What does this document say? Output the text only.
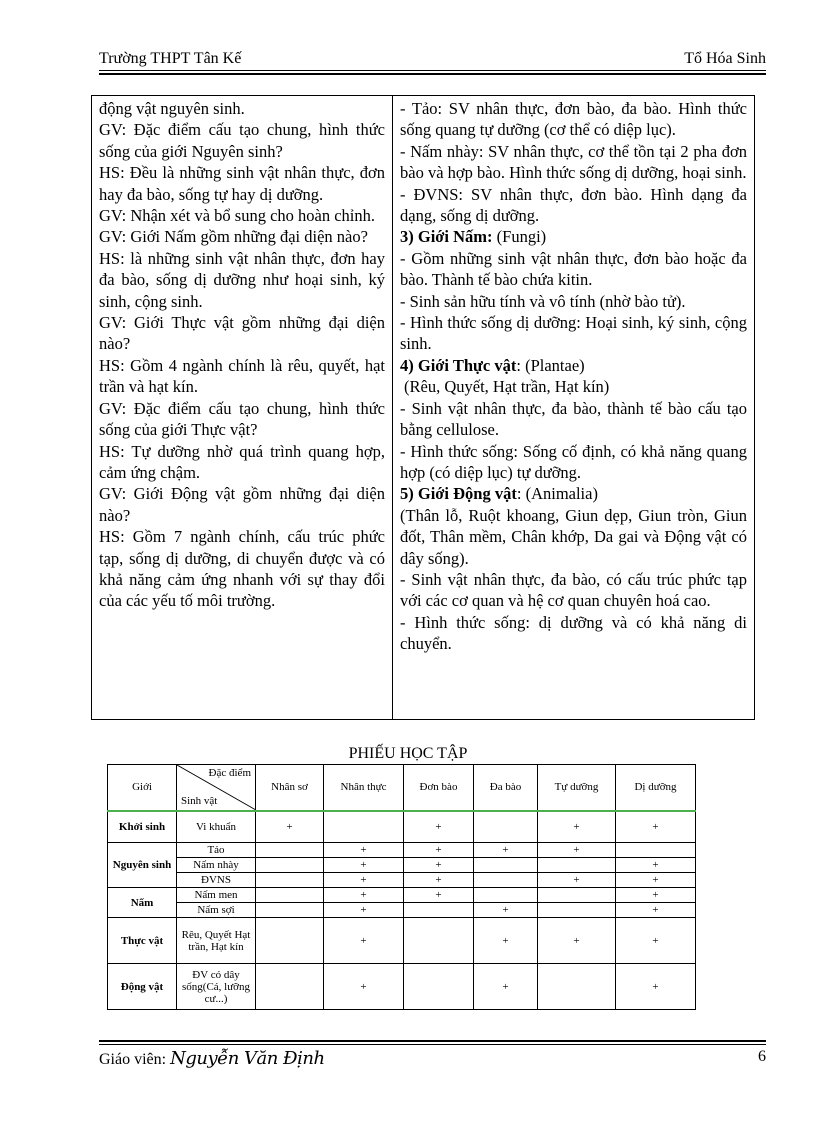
Trường THPT Tân Kế	Tổ Hóa Sinh

động vật nguyên sinh.

GV: Đặc điểm cấu tạo chung, hình thức sống của giới Nguyên sinh?

HS: Đều là những sinh vật nhân thực, đơn hay đa bào, sống tự hay dị dưỡng.

GV: Nhận xét và bổ sung cho hoàn chỉnh.

GV: Giới Nấm gồm những đại diện nào?

HS: là những sinh vật nhân thực, đơn hay đa bào, sống dị dưỡng như hoại sinh, ký sinh, cộng sinh.

GV: Giới Thực vật gồm những đại diện nào?

HS: Gồm 4 ngành chính là rêu, quyết, hạt trần và hạt kín.

GV: Đặc điểm cấu tạo chung, hình thức sống của giới Thực vật?

HS: Tự dưỡng nhờ quá trình quang hợp, cảm ứng chậm.

GV: Giới Động vật gồm những đại diện nào?

HS: Gồm 7 ngành chính, cấu trúc phức tạp, sống dị dưỡng, di chuyển được và có khả năng cảm ứng nhanh với sự thay đổi của các yếu tố môi trường.

- Tảo: SV nhân thực, đơn bào, đa bào. Hình thức sống quang tự dưỡng (cơ thể có diệp lục).

- Nấm nhày: SV nhân thực, cơ thể tồn tại 2 pha đơn bào và hợp bào. Hình thức sống dị dưỡng, hoại sinh.

- ĐVNS: SV nhân thực, đơn bào. Hình dạng đa dạng, sống dị dưỡng.

3) Giới Nấm: (Fungi)

- Gồm những sinh vật nhân thực, đơn bào hoặc đa bào. Thành tế bào chứa kitin.

- Sinh sản hữu tính và vô tính (nhờ bào tử).

- Hình thức sống dị dưỡng: Hoại sinh, ký sinh, cộng sinh.

4) Giới Thực vật: (Plantae)

(Rêu, Quyết, Hạt trần, Hạt kín)

- Sinh vật nhân thực, đa bào, thành tế bào cấu tạo bằng cellulose.

- Hình thức sống: Sống cố định, có khả năng quang hợp (có diệp lục) tự dưỡng.

5) Giới Động vật: (Animalia)

(Thân lỗ, Ruột khoang, Giun dẹp, Giun tròn, Giun đốt, Thân mềm, Chân khớp, Da gai và Động vật có dây sống).

- Sinh vật nhân thực, đa bào, có cấu trúc phức tạp với các cơ quan và hệ cơ quan chuyên hoá cao.

- Hình thức sống: dị dưỡng và có khả năng di chuyển.

PHIẾU HỌC TẬP
Giới	Đặc điểm
Sinh vật	Nhân sơ	Nhân thực	Đơn bào	Đa bào	Tự dưỡng	Dị dưỡng
Khởi sinh	Vi khuẩn	+		+		+	+
Nguyên sinh	Tảo		+	+	+	+	
	Nấm nhày		+	+			+
	ĐVNS		+	+		+	+
Nấm	Nấm men		+	+			+
	Nấm sợi		+		+		+
Thực vật	Rêu, Quyết Hạt trần, Hạt kín		+		+	+	+
Động vật	ĐV có dây sống(Cá, lưỡng cư...)		+		+		+
Giáo viên: Nguyễn Văn Định	6
